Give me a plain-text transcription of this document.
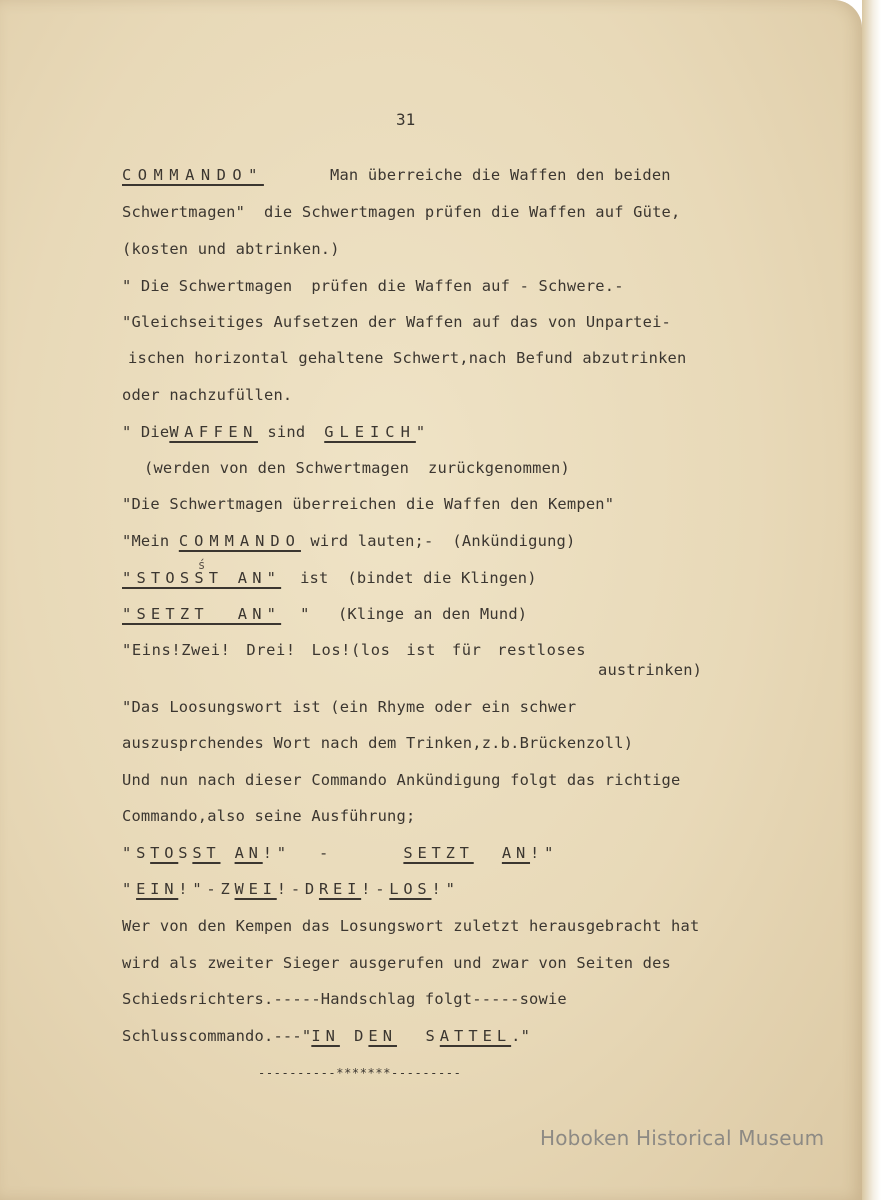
31
COMMANDO"	Man überreiche die Waffen den beiden
Schwertmagen"  die Schwertmagen prüfen die Waffen auf Güte,
(kosten und abtrinken.)
" Die Schwertmagen  prüfen die Waffen auf - Schwere.-
"Gleichseitiges Aufsetzen der Waffen auf das von Unpartei-
ischen horizontal gehaltene Schwert,nach Befund abzutrinken
oder nachzufüllen.
" DieWAFFEN sind GLEICH"
(werden von den Schwertmagen  zurückgenommen)
"Die Schwertmagen überreichen die Waffen den Kempen"
"Mein COMMANDO wird lauten;-  (Ankündigung)
"STOSST AN" ist  (bindet die Klingen)
ś
"SETZT  AN" "   (Klinge an den Mund)
"Eins!Zwei! Drei! Los!(los ist für restloses
austrinken)
"Das Loosungswort ist (ein Rhyme oder ein schwer
auszusprchendes Wort nach dem Trinken,z.b.Brückenzoll)
Und nun nach dieser Commando Ankündigung folgt das richtige
Commando,also seine Ausführung;
"STOSST AN!"  -     SETZT AN!"
"EIN!"-ZWEI!-DREI!-LOS!"
Wer von den Kempen das Losungswort zuletzt herausgebracht hat
wird als zweiter Sieger ausgerufen und zwar von Seiten des
Schiedsrichters.-----Handschlag folgt-----sowie
Schlusscommando.---"IN DEN  SATTEL."
----------*******---------
Hoboken Historical Museum
